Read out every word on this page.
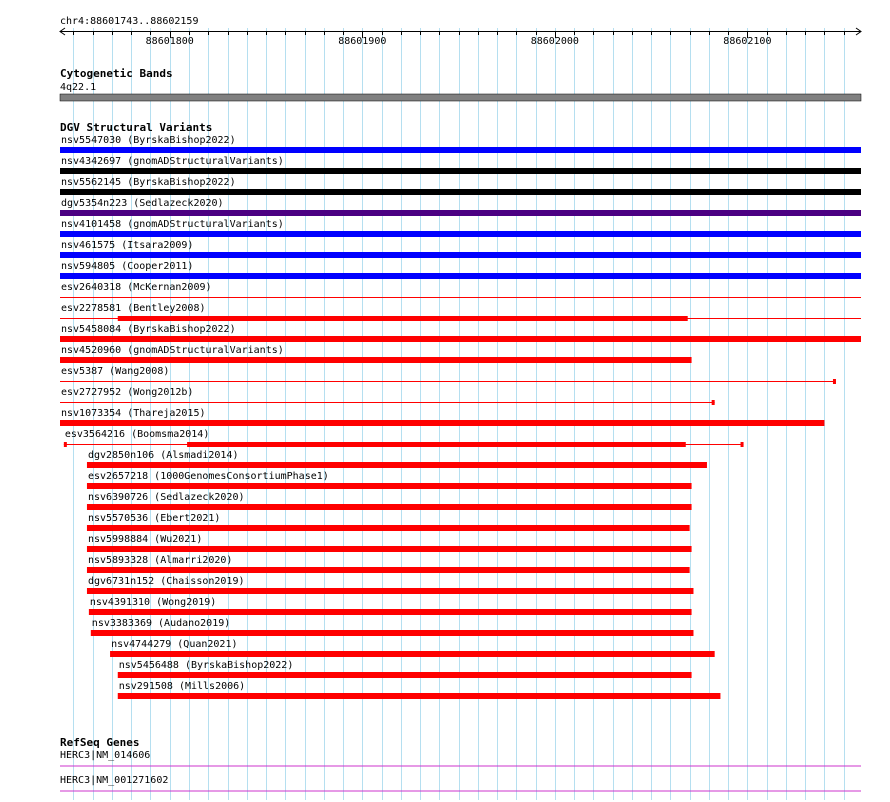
chr4:88601743..88602159
88601800	88601900	88602000	88602100
Cytogenetic Bands
4q22.1
DGV Structural Variants
nsv5547030 (ByrskaBishop2022)
nsv4342697 (gnomADStructuralVariants)
nsv5562145 (ByrskaBishop2022)
dgv5354n223 (Sedlazeck2020)
nsv4101458 (gnomADStructuralVariants)
nsv461575 (Itsara2009)
nsv594805 (Cooper2011)
esv2640318 (McKernan2009)
esv2278581 (Bentley2008)
nsv5458084 (ByrskaBishop2022)
nsv4520960 (gnomADStructuralVariants)
esv5387 (Wang2008)
esv2727952 (Wong2012b)
nsv1073354 (Thareja2015)
esv3564216 (Boomsma2014)
dgv2850n106 (Alsmadi2014)
esv2657218 (1000GenomesConsortiumPhase1)
nsv6390726 (Sedlazeck2020)
nsv5570536 (Ebert2021)
nsv5998884 (Wu2021)
nsv5893328 (Almarri2020)
dgv6731n152 (Chaisson2019)
nsv4391310 (Wong2019)
nsv3383369 (Audano2019)
nsv4744279 (Quan2021)
nsv5456488 (ByrskaBishop2022)
nsv291508 (Mills2006)
RefSeq Genes
HERC3|NM_014606
HERC3|NM_001271602
